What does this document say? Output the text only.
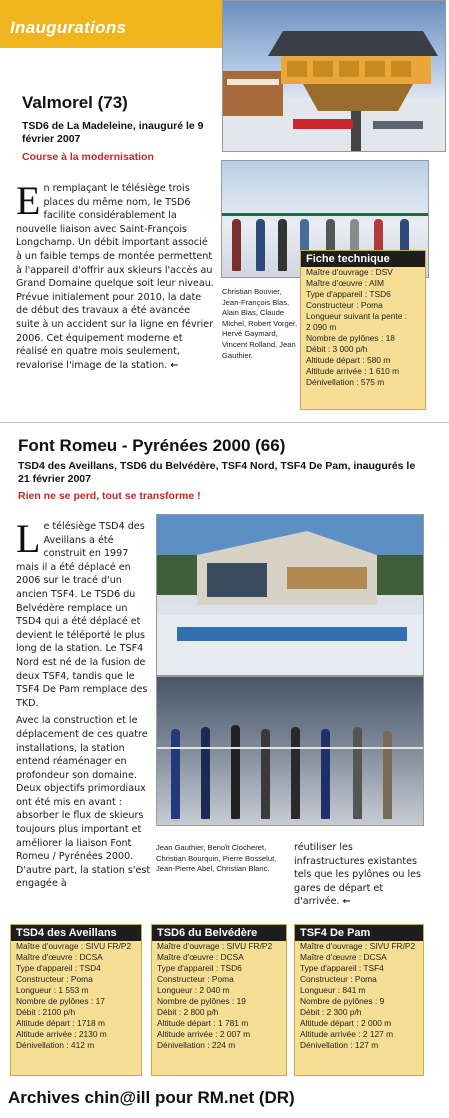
Inaugurations
Valmorel (73)
TSD6 de La Madeleine, inauguré le 9 février 2007
Course à la modernisation
En remplaçant le télésiège trois places du même nom, le TSD6 facilite considérablement la nouvelle liaison avec Saint-François Longchamp. Un débit important associé à un faible temps de montée permettent à l'appareil d'offrir aux skieurs l'accès au Grand Domaine quelque soit leur niveau. Prévue initialement pour 2010, la date de début des travaux a été avancée suite à un accident sur la ligne en février 2006. Cet équipement moderne et réalisé en quatre mois seulement, revalorise l'image de la station. ←
Christian Bouvier, Jean-François Blas, Alain Blas, Claude Michel, Robert Vorger, Hervé Gaymard, Vincent Rolland, Jean Gauthier.
Fiche technique
Maître d'ouvrage : DSV
Maître d'œuvre : AIM
Type d'appareil : TSD6
Constructeur : Poma
Longueur suivant la pente :
2 090 m
Nombre de pylônes : 18
Débit : 3 000 p/h
Altitude départ : 580 m
Altitude arrivée : 1 610 m
Dénivellation : 575 m
Font Romeu - Pyrénées 2000 (66)
TSD4 des Aveillans, TSD6 du Belvédère, TSF4 Nord, TSF4 De Pam, inaugurés le 21 février 2007
Rien ne se perd, tout se transforme !
Le télésiège TSD4 des Aveillans a été construit en 1997 mais il a été déplacé en 2006 sur le tracé d'un ancien TSF4. Le TSD6 du Belvédère remplace un TSD4 qui a été déplacé et devient le téléporté le plus long de la station. Le TSF4 Nord est né de la fusion de deux TSF4, tandis que le TSF4 De Pam remplace des TKD.
Avec la construction et le déplacement de ces quatre installations, la station entend réaménager en profondeur son domaine. Deux objectifs primordiaux ont été mis en avant : absorber le flux de skieurs toujours plus important et améliorer la liaison Font Romeu / Pyrénées 2000. D'autre part, la station s'est engagée à
Jean Gauthier, Benoît Clocheret, Christian Bourquin, Pierre Bosselut, Jean-Pierre Abel, Christian Blanc.
réutiliser les infrastructures existantes tels que les pylônes ou les gares de départ et d'arrivée. ←
TSD4 des Aveillans
Maître d'ouvrage : SIVU FR/P2
Maître d'œuvre : DCSA
Type d'appareil : TSD4
Constructeur : Poma
Longueur : 1 553 m
Nombre de pylônes : 17
Débit : 2100 p/h
Altitude départ : 1718 m
Altitude arrivée : 2130 m
Dénivellation : 412 m
TSD6 du Belvédère
Maître d'ouvrage : SIVU FR/P2
Maître d'œuvre : DCSA
Type d'appareil : TSD6
Constructeur : Poma
Longueur : 2 040 m
Nombre de pylônes : 19
Débit : 2 800 p/h
Altitude départ : 1 781 m
Altitude arrivée : 2 007 m
Dénivellation : 224 m
TSF4 De Pam
Maître d'ouvrage : SIVU FR/P2
Maître d'œuvre : DCSA
Type d'appareil : TSF4
Constructeur : Poma
Longueur : 841 m
Nombre de pylônes : 9
Débit : 2 300 p/h
Altitude départ : 2 000 m
Altitude arrivée : 2 127 m
Dénivellation : 127 m
Archives chin@ill pour RM.net (DR)
